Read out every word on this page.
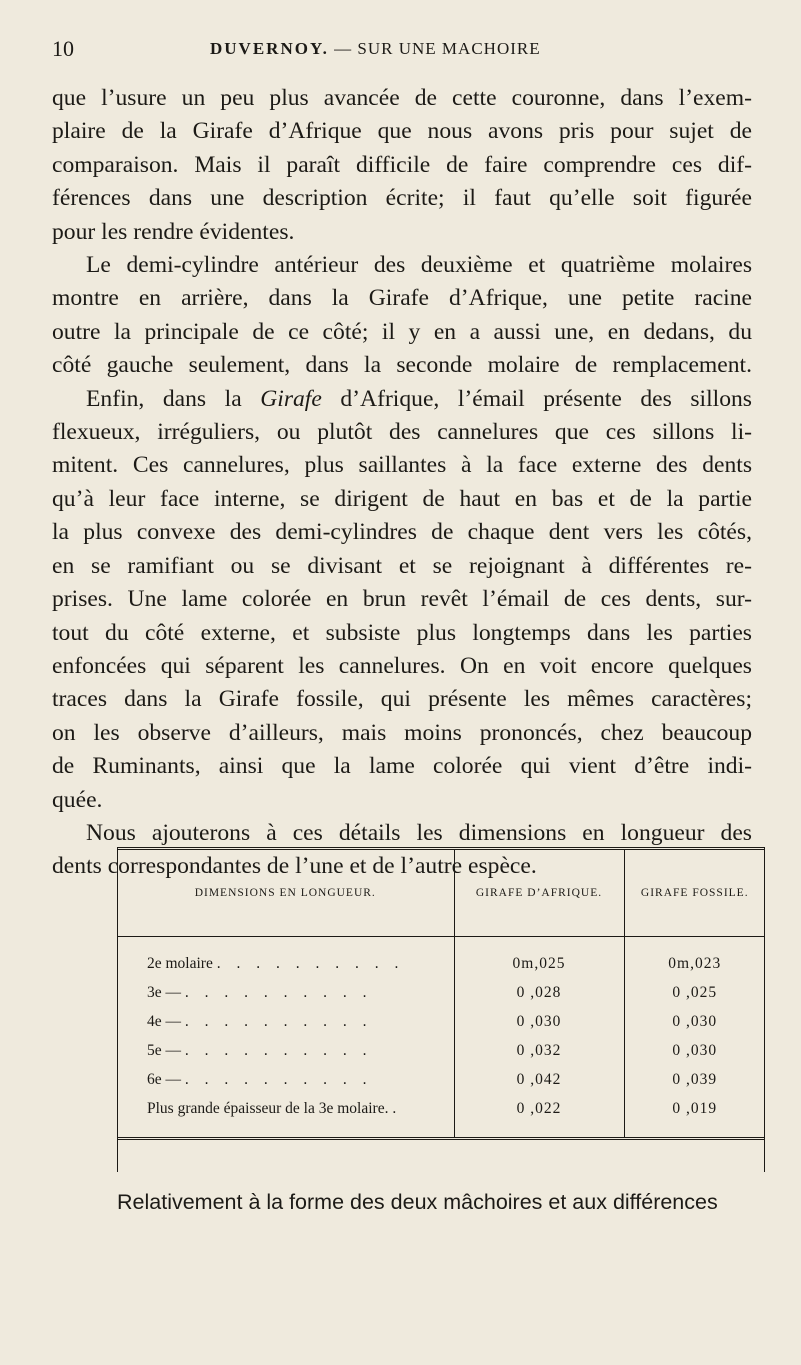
10	DUVERNOY. — SUR UNE MACHOIRE

que l’usure un peu plus avancée de cette couronne, dans l’exem-
plaire de la Girafe d’Afrique que nous avons pris pour sujet de
comparaison. Mais il paraît difficile de faire comprendre ces dif-
férences dans une description écrite; il faut qu’elle soit figurée
pour les rendre évidentes.

Le demi-cylindre antérieur des deuxième et quatrième molaires
montre en arrière, dans la Girafe d’Afrique, une petite racine
outre la principale de ce côté; il y en a aussi une, en dedans, du
côté gauche seulement, dans la seconde molaire de remplacement.

Enfin, dans la Girafe d’Afrique, l’émail présente des sillons
flexueux, irréguliers, ou plutôt des cannelures que ces sillons li-
mitent. Ces cannelures, plus saillantes à la face externe des dents
qu’à leur face interne, se dirigent de haut en bas et de la partie
la plus convexe des demi-cylindres de chaque dent vers les côtés,
en se ramifiant ou se divisant et se rejoignant à différentes re-
prises. Une lame colorée en brun revêt l’émail de ces dents, sur-
tout du côté externe, et subsiste plus longtemps dans les parties
enfoncées qui séparent les cannelures. On en voit encore quelques
traces dans la Girafe fossile, qui présente les mêmes caractères;
on les observe d’ailleurs, mais moins prononcés, chez beaucoup
de Ruminants, ainsi que la lame colorée qui vient d’être indi-
quée.

Nous ajouterons à ces détails les dimensions en longueur des
dents correspondantes de l’une et de l’autre espèce.

DIMENSIONS EN LONGUEUR.	GIRAFE D’AFRIQUE.	GIRAFE FOSSILE.
2e molaire . . . . . . . . . .	0m,025	0m,023
3e — . . . . . . . . . .	0 ,028	0 ,025
4e — . . . . . . . . . .	0 ,030	0 ,030
5e — . . . . . . . . . .	0 ,032	0 ,030
6e — . . . . . . . . . .	0 ,042	0 ,039
Plus grande épaisseur de la 3e molaire. .	0 ,022	0 ,019
Relativement à la forme des deux mâchoires et aux différences
